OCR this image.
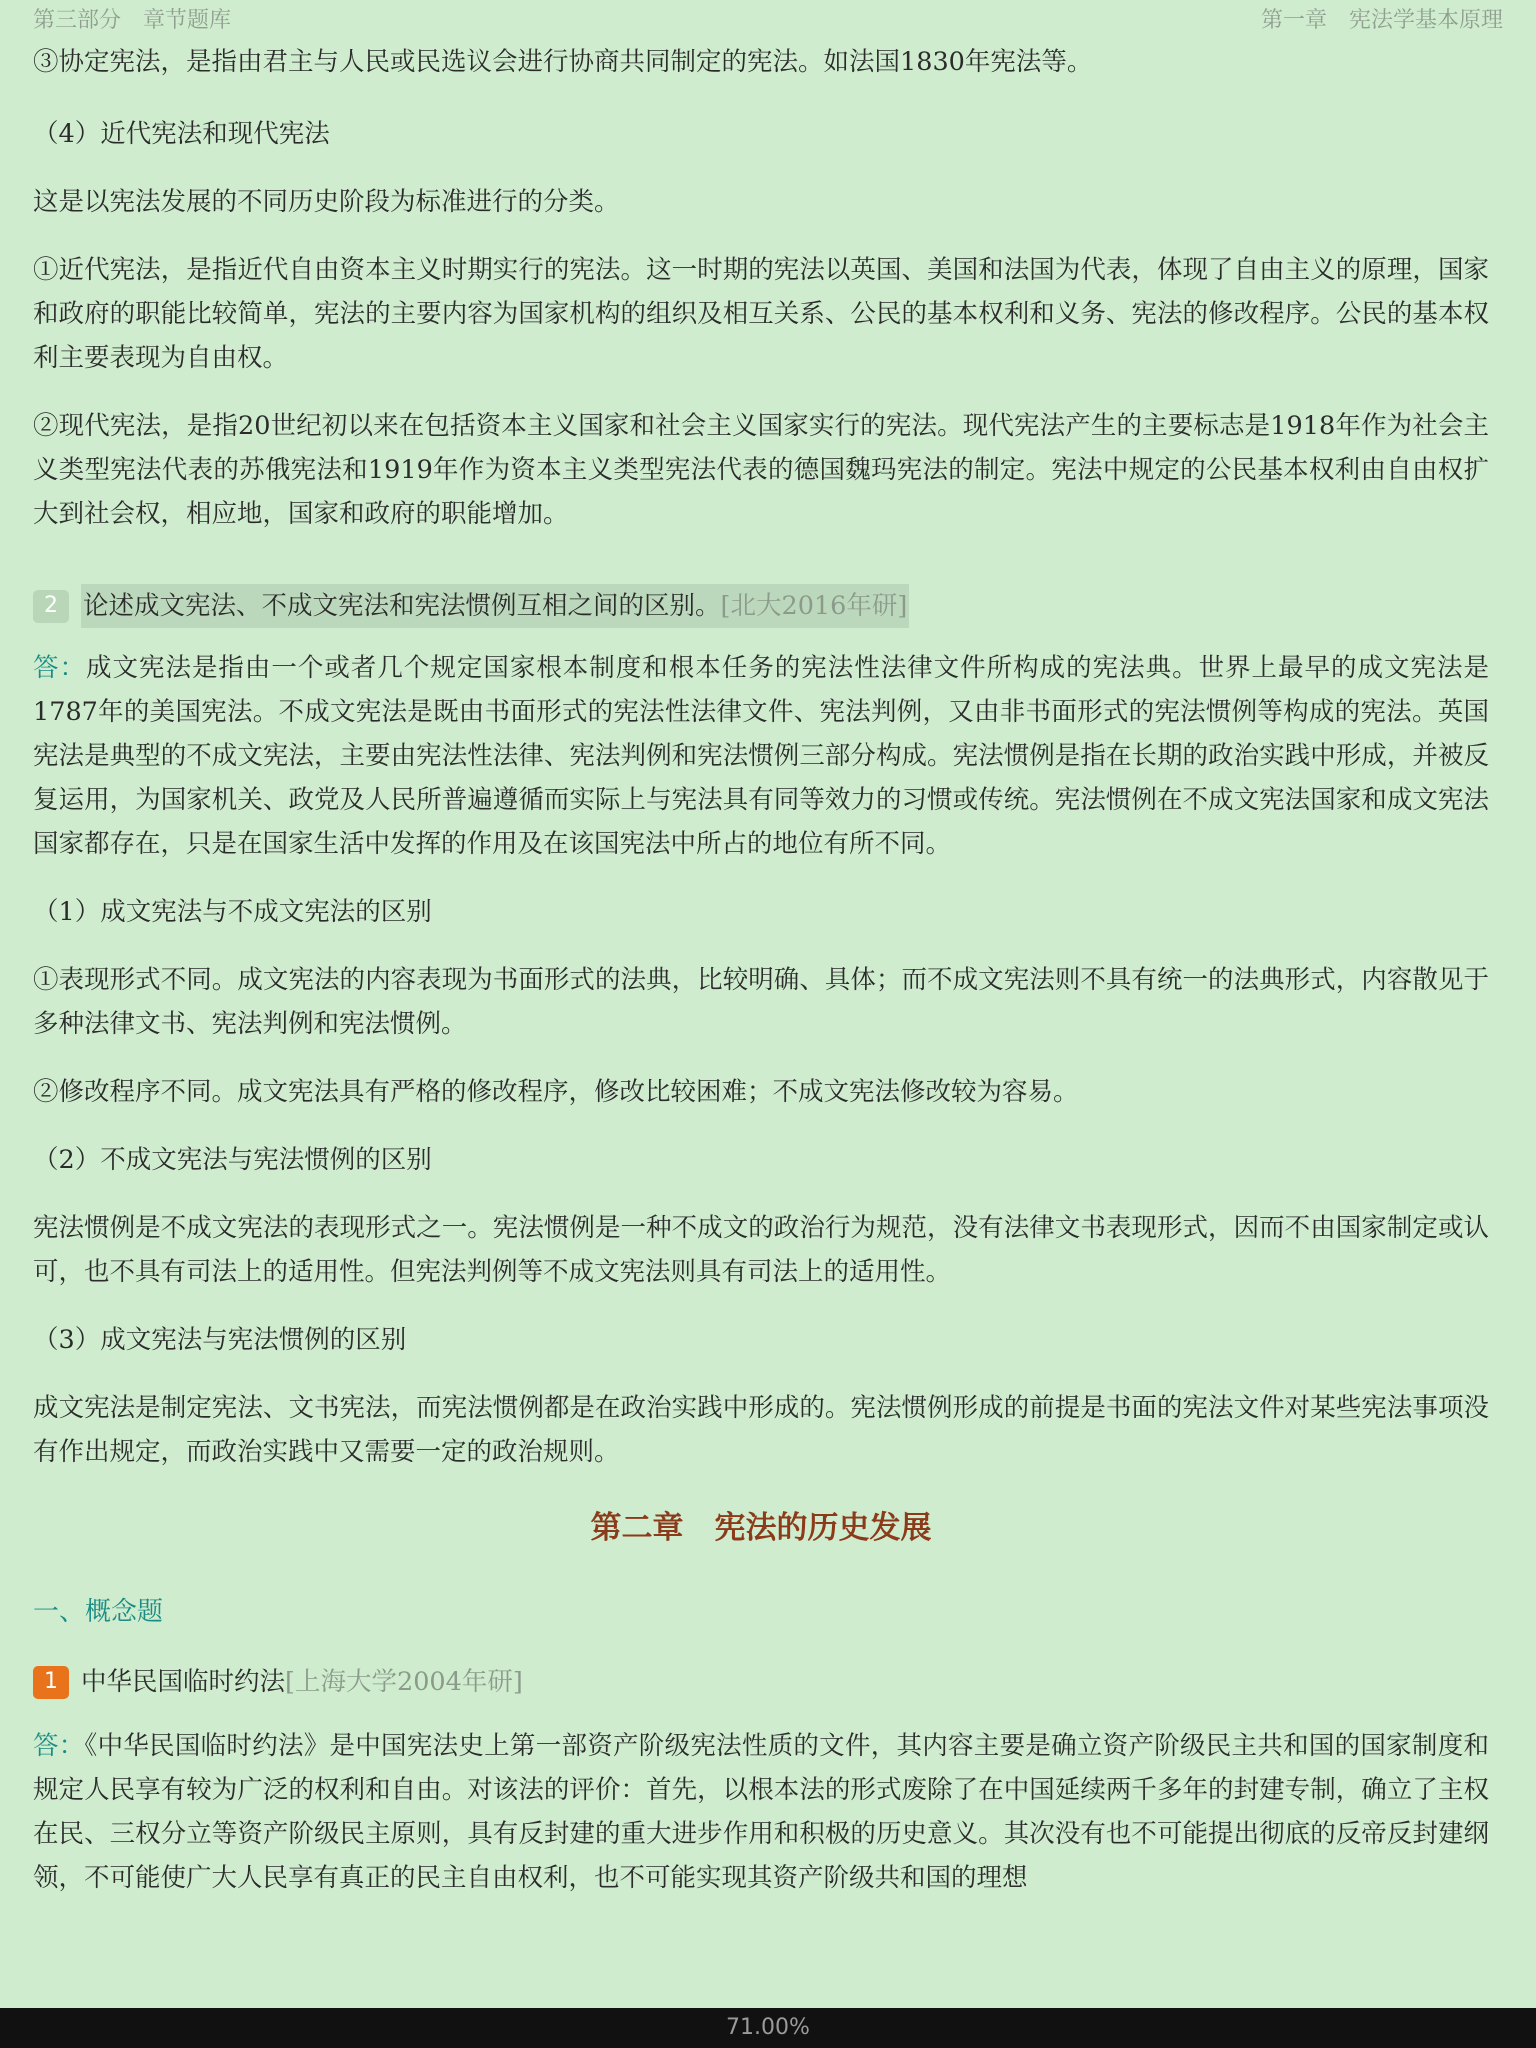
第三部分　章节题库	第一章　宪法学基本原理

③协定宪法，是指由君主与人民或民选议会进行协商共同制定的宪法。如法国1830年宪法等。

（4）近代宪法和现代宪法

这是以宪法发展的不同历史阶段为标准进行的分类。

①近代宪法，是指近代自由资本主义时期实行的宪法。这一时期的宪法以英国、美国和法国为代表，体现了自由主义的原理，国家和政府的职能比较简单，宪法的主要内容为国家机构的组织及相互关系、公民的基本权利和义务、宪法的修改程序。公民的基本权利主要表现为自由权。

②现代宪法，是指20世纪初以来在包括资本主义国家和社会主义国家实行的宪法。现代宪法产生的主要标志是1918年作为社会主义类型宪法代表的苏俄宪法和1919年作为资本主义类型宪法代表的德国魏玛宪法的制定。宪法中规定的公民基本权利由自由权扩大到社会权，相应地，国家和政府的职能增加。

2 论述成文宪法、不成文宪法和宪法惯例互相之间的区别。[北大2016年研]

答：成文宪法是指由一个或者几个规定国家根本制度和根本任务的宪法性法律文件所构成的宪法典。世界上最早的成文宪法是1787年的美国宪法。不成文宪法是既由书面形式的宪法性法律文件、宪法判例，又由非书面形式的宪法惯例等构成的宪法。英国宪法是典型的不成文宪法，主要由宪法性法律、宪法判例和宪法惯例三部分构成。宪法惯例是指在长期的政治实践中形成，并被反复运用，为国家机关、政党及人民所普遍遵循而实际上与宪法具有同等效力的习惯或传统。宪法惯例在不成文宪法国家和成文宪法国家都存在，只是在国家生活中发挥的作用及在该国宪法中所占的地位有所不同。

（1）成文宪法与不成文宪法的区别

①表现形式不同。成文宪法的内容表现为书面形式的法典，比较明确、具体；而不成文宪法则不具有统一的法典形式，内容散见于多种法律文书、宪法判例和宪法惯例。

②修改程序不同。成文宪法具有严格的修改程序，修改比较困难；不成文宪法修改较为容易。

（2）不成文宪法与宪法惯例的区别

宪法惯例是不成文宪法的表现形式之一。宪法惯例是一种不成文的政治行为规范，没有法律文书表现形式，因而不由国家制定或认可，也不具有司法上的适用性。但宪法判例等不成文宪法则具有司法上的适用性。

（3）成文宪法与宪法惯例的区别

成文宪法是制定宪法、文书宪法，而宪法惯例都是在政治实践中形成的。宪法惯例形成的前提是书面的宪法文件对某些宪法事项没有作出规定，而政治实践中又需要一定的政治规则。

第二章　宪法的历史发展
一、概念题
1 中华民国临时约法[上海大学2004年研]

答：《中华民国临时约法》是中国宪法史上第一部资产阶级宪法性质的文件，其内容主要是确立资产阶级民主共和国的国家制度和规定人民享有较为广泛的权利和自由。对该法的评价：首先，以根本法的形式废除了在中国延续两千多年的封建专制，确立了主权在民、三权分立等资产阶级民主原则，具有反封建的重大进步作用和积极的历史意义。其次没有也不可能提出彻底的反帝反封建纲领，不可能使广大人民享有真正的民主自由权利，也不可能实现其资产阶级共和国的理想

71.00%
